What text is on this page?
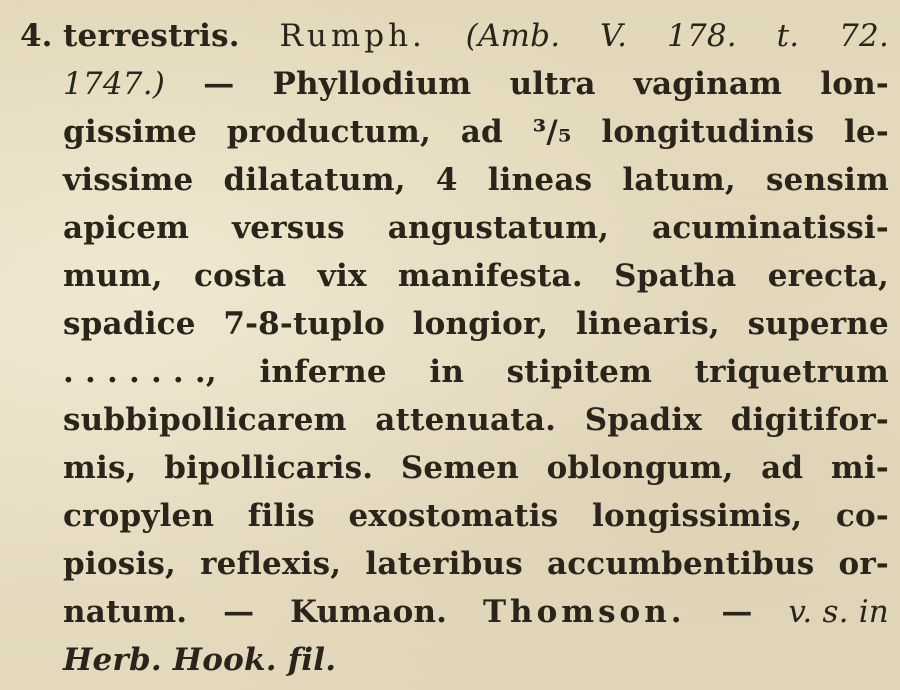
4. terrestris. Rumph. (Amb. V. 178. t. 72.
1747.) — Phyllodium ultra vaginam lon-
gissime productum, ad ³/₅ longitudinis le-
vissime dilatatum, 4 lineas latum, sensim
apicem versus angustatum, acuminatissi-
mum, costa vix manifesta. Spatha erecta,
spadice 7-8-tuplo longior, linearis, superne
. . . . . . ., inferne in stipitem triquetrum
subbipollicarem attenuata. Spadix digitifor-
mis, bipollicaris. Semen oblongum, ad mi-
cropylen filis exostomatis longissimis, co-
piosis, reflexis, lateribus accumbentibus or-
natum. — Kumaon. Thomson. — v. s. in
Herb. Hook. fil.
